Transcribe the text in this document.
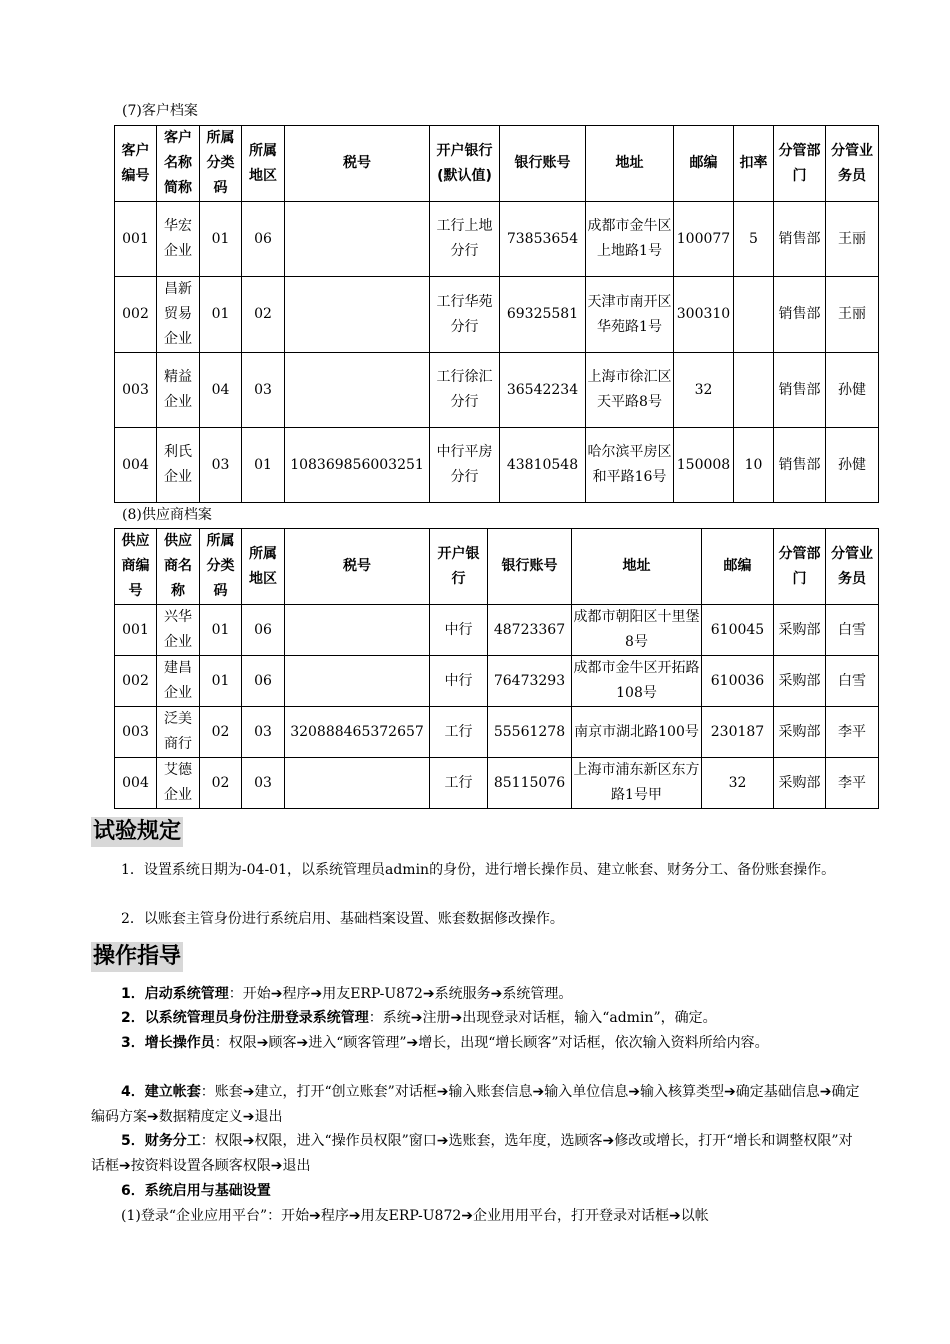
(7)客户档案
客户编号	客户名称简称	所属分类码	所属地区	税号	开户银行(默认值)	银行账号	地址	邮编	扣率	分管部门	分管业务员
001	华宏企业	01	06		工行上地分行	73853654	成都市金牛区上地路1号	100077	5	销售部	王丽
002	昌新贸易企业	01	02		工行华苑分行	69325581	天津市南开区华苑路1号	300310		销售部	王丽
003	精益企业	04	03		工行徐汇分行	36542234	上海市徐汇区天平路8号	32		销售部	孙健
004	利氏企业	03	01	108369856003251	中行平房分行	43810548	哈尔滨平房区和平路16号	150008	10	销售部	孙健
(8)供应商档案
供应商编号	供应商名称	所属分类码	所属地区	税号	开户银行	银行账号	地址	邮编	分管部门	分管业务员
001	兴华企业	01	06		中行	48723367	成都市朝阳区十里堡8号	610045	采购部	白雪
002	建昌企业	01	06		中行	76473293	成都市金牛区开拓路108号	610036	采购部	白雪
003	泛美商行	02	03	320888465372657	工行	55561278	南京市湖北路100号	230187	采购部	李平
004	艾德企业	02	03		工行	85115076	上海市浦东新区东方路1号甲	32	采购部	李平
试验规定
1．设置系统日期为-04-01，以系统管理员admin的身份，进行增长操作员、建立帐套、财务分工、备份账套操作。
2．以账套主管身份进行系统启用、基础档案设置、账套数据修改操作。
操作指导
1．启动系统管理：开始➔程序➔用友ERP-U872➔系统服务➔系统管理。
2．以系统管理员身份注册登录系统管理：系统➔注册➔出现登录对话框，输入“admin”，确定。
3．增长操作员：权限➔顾客➔进入“顾客管理”➔增长，出现“增长顾客”对话框，依次输入资料所给内容。
4．建立帐套：账套➔建立，打开“创立账套”对话框➔输入账套信息➔输入单位信息➔输入核算类型➔确定基础信息➔确定编码方案➔数据精度定义➔退出
5．财务分工：权限➔权限，进入“操作员权限”窗口➔选账套，选年度，选顾客➔修改或增长，打开“增长和调整权限”对话框➔按资料设置各顾客权限➔退出
6．系统启用与基础设置
(1)登录“企业应用平台”：开始➔程序➔用友ERP-U872➔企业用用平台，打开登录对话框➔以帐
